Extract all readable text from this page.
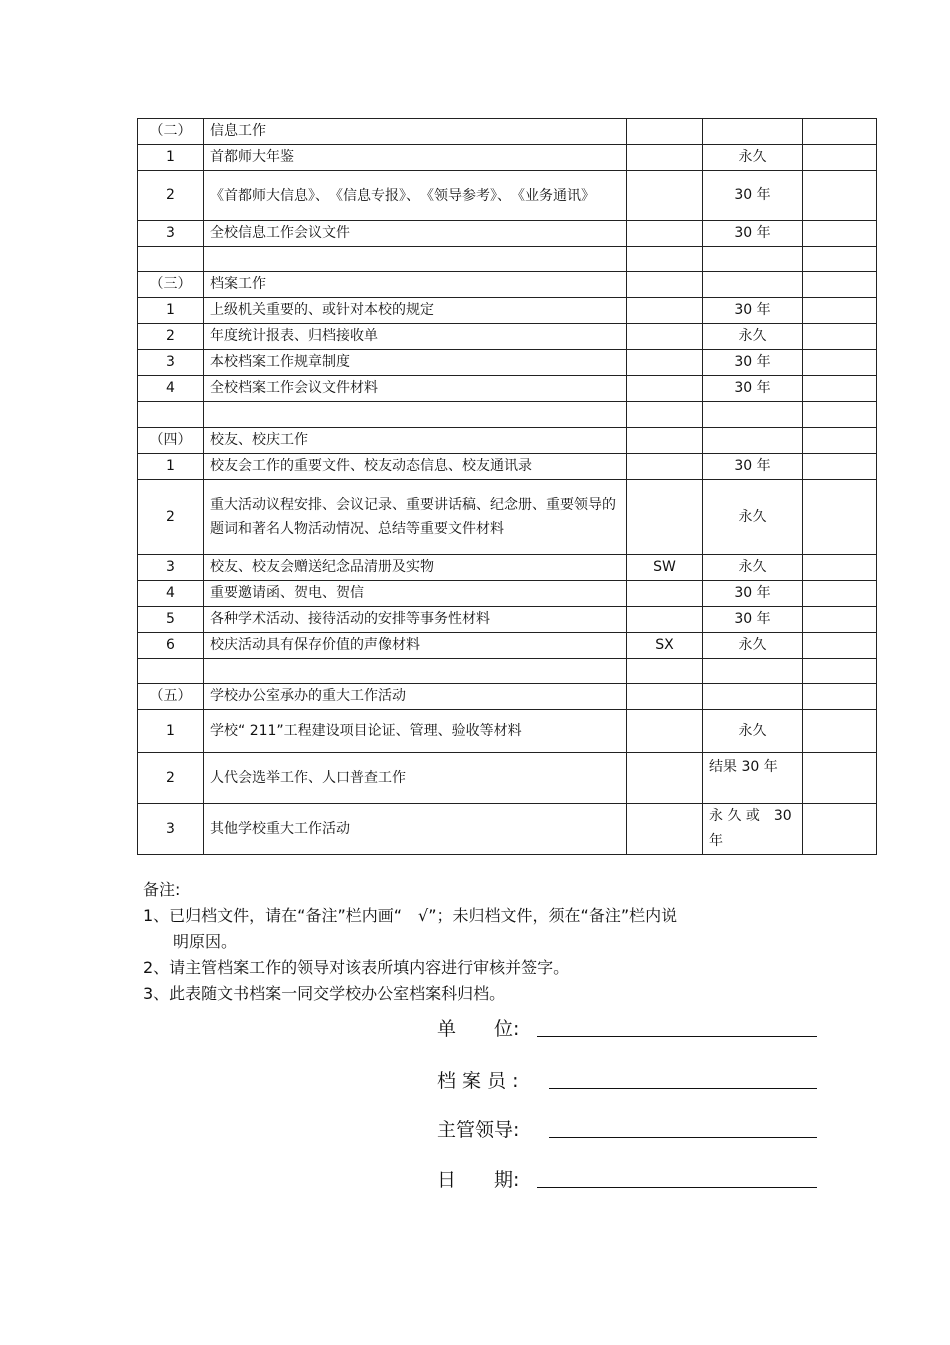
（二）	信息工作			
1	首都师大年鉴		永久	
2	《首都师大信息》、　《信息专报》、　《领导参考》、　《业务通讯》		30 年	
3	全校信息工作会议文件		30 年	

（三）	档案工作			
1	上级机关重要的、或针对本校的规定		30 年	
2	年度统计报表、归档接收单		永久	
3	本校档案工作规章制度		30 年	
4	全校档案工作会议文件材料		30 年	

（四）	校友、校庆工作			
1	校友会工作的重要文件、校友动态信息、校友通讯录		30 年	
2	重大活动议程安排、会议记录、重要讲话稿、纪念册、重要领导的题词和著名人物活动情况、总结等重要文件材料		永久	
3	校友、校友会赠送纪念品清册及实物	SW	永久	
4	重要邀请函、贺电、贺信		30 年	
5	各种学术活动、接待活动的安排等事务性材料		30 年	
6	校庆活动具有保存价值的声像材料	SX	永久	

（五）	学校办公室承办的重大工作活动			
1	学校“ 211”工程建设项目论证、管理、验收等材料		永久	
2	人代会选举工作、人口普查工作		结果 30 年	
3	其他学校重大工作活动		永 久 或　30 年	
备注:
1、已归档文件，请在“备注”栏内画“　√”；未归档文件，须在“备注”栏内说
明原因。
2、请主管档案工作的领导对该表所填内容进行审核并签字。
3、此表随文书档案一同交学校办公室档案科归档。
单　　位:
档 案 员 :
主管领导:
日　　期:
